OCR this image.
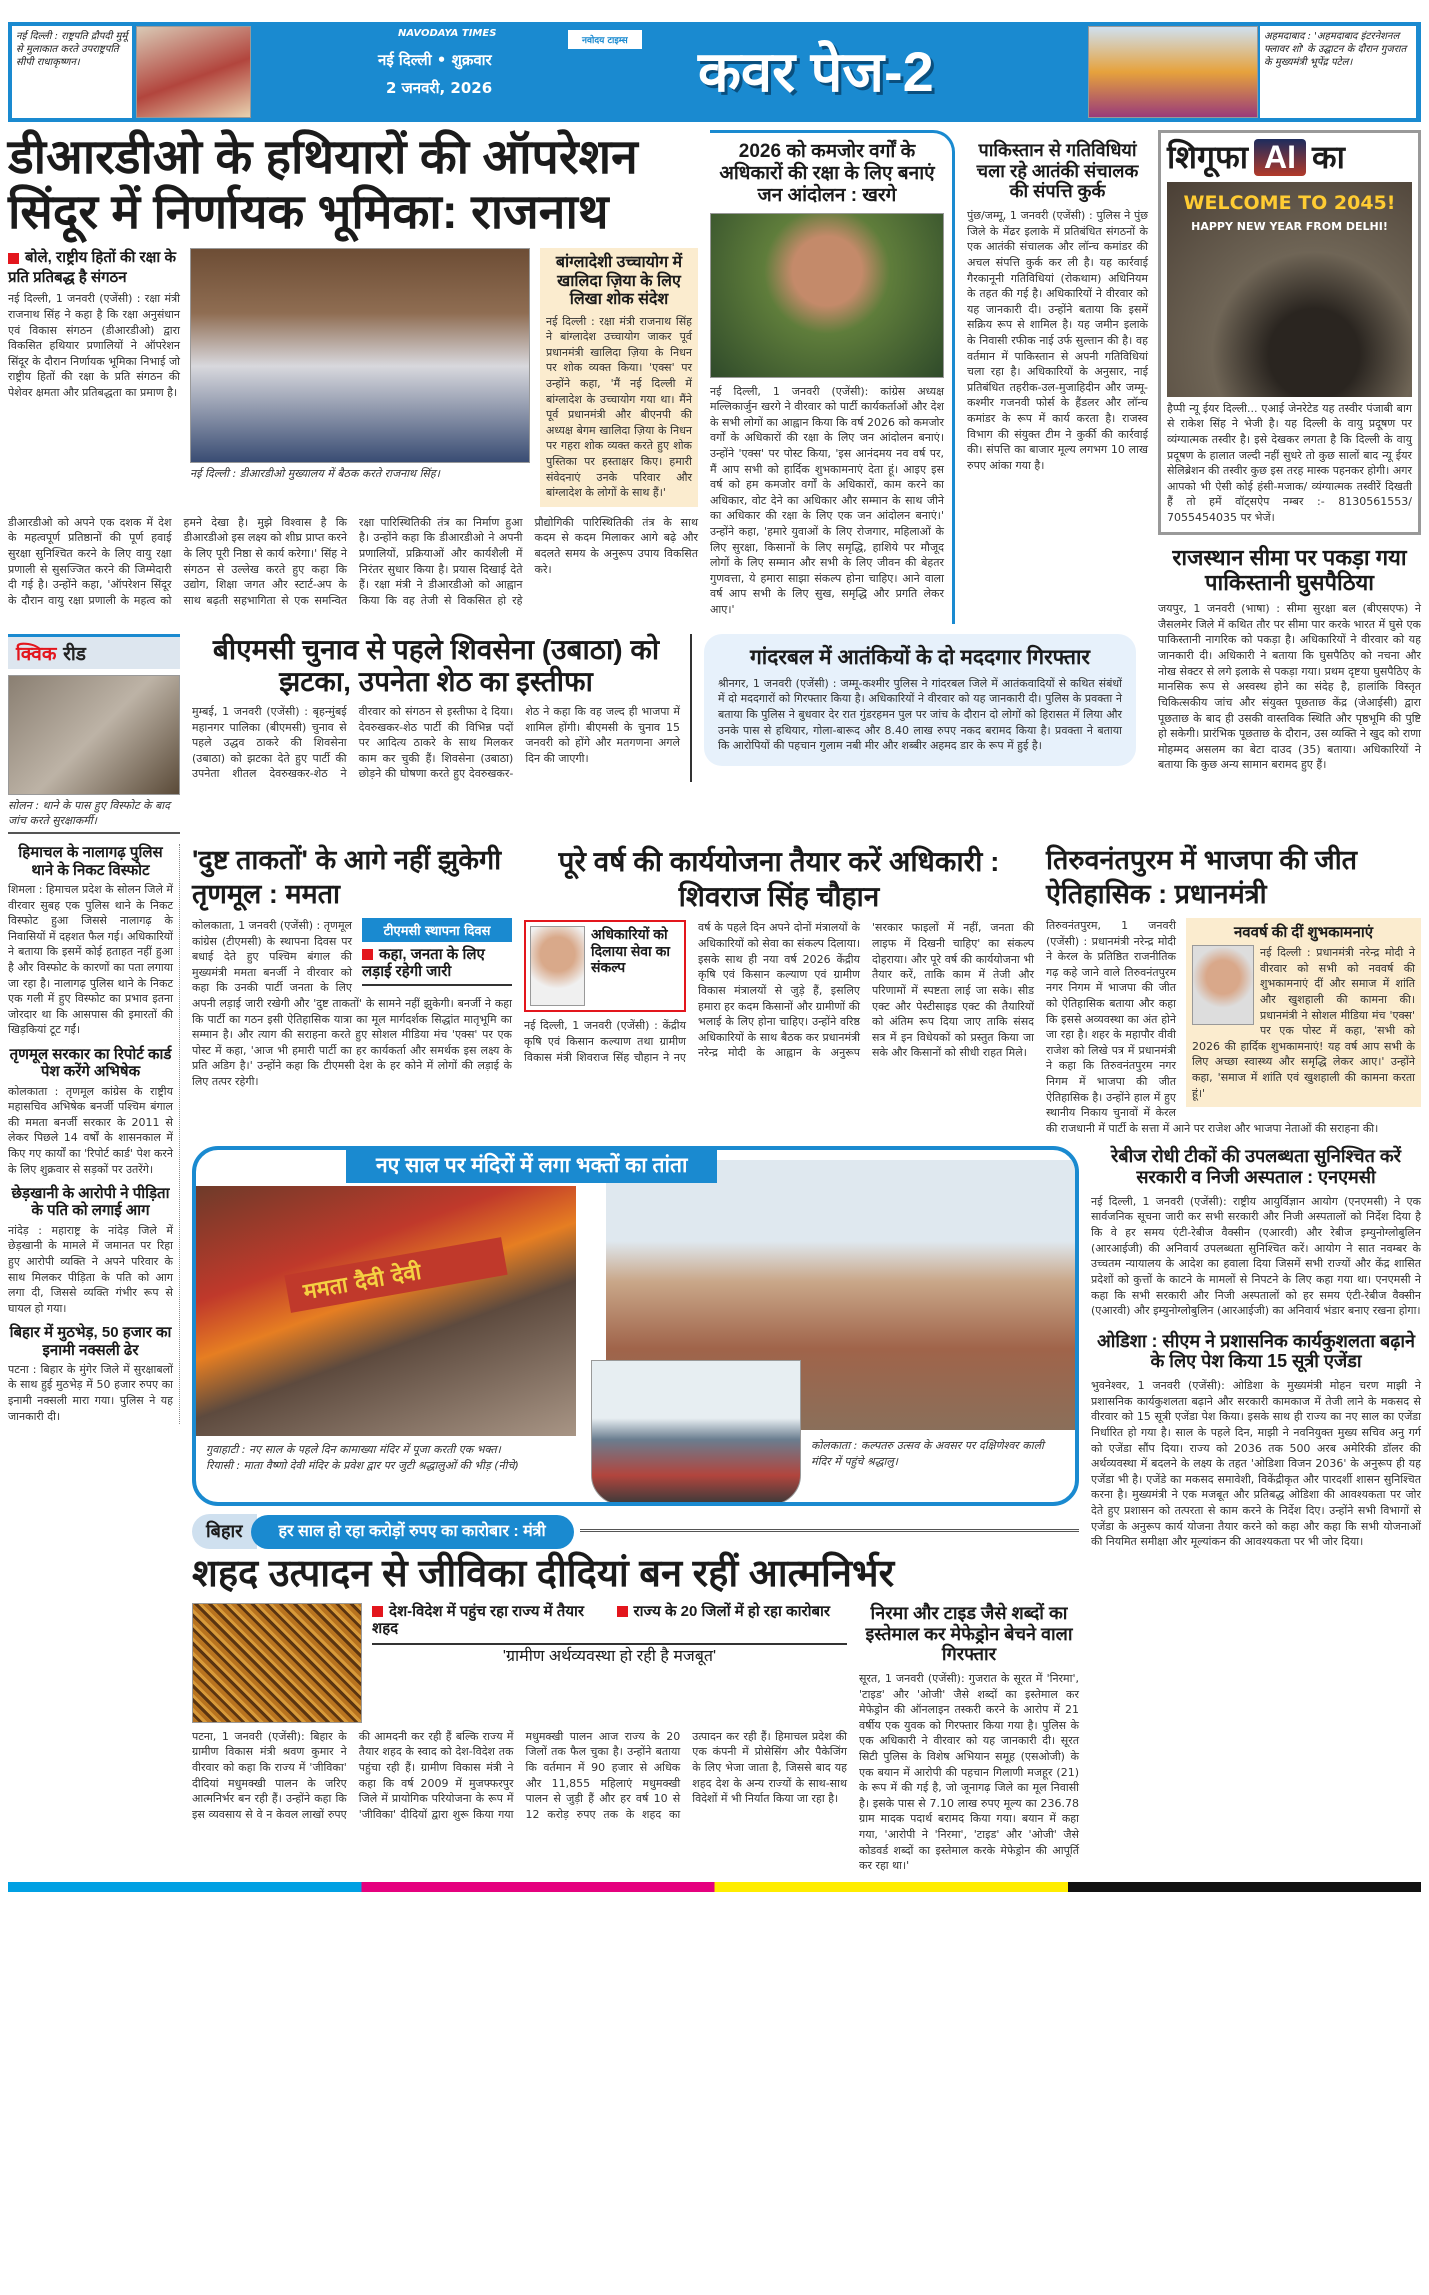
नई दिल्ली : राष्ट्रपति द्रौपदी मुर्मू से मुलाकात करते उपराष्ट्रपति सीपी राधाकृष्णन।
NAVODAYA TIMES
नई दिल्ली • शुक्रवार
2 जनवरी, 2026
नवोदय टाइम्स कवर पेज-2
अहमदाबाद : 'अहमदाबाद इंटरनेशनल फ्लावर शो' के उद्घाटन के दौरान गुजरात के मुख्यमंत्री भूपेंद्र पटेल।
डीआरडीओ के हथियारों की ऑपरेशन सिंदूर में निर्णायक भूमिका: राजनाथ
बोले, राष्ट्रीय हितों की रक्षा के प्रति प्रतिबद्ध है संगठन
नई दिल्ली, 1 जनवरी (एजेंसी) : रक्षा मंत्री राजनाथ सिंह ने कहा है कि रक्षा अनुसंधान एवं विकास संगठन (डीआरडीओ) द्वारा विकसित हथियार प्रणालियों ने ऑपरेशन सिंदूर के दौरान निर्णायक भूमिका निभाई जो राष्ट्रीय हितों की रक्षा के प्रति संगठन की पेशेवर क्षमता और प्रतिबद्धता का प्रमाण है।
नई दिल्ली : डीआरडीओ मुख्यालय में बैठक करते राजनाथ सिंह।
बांग्लादेशी उच्चायोग में खालिदा ज़िया के लिए लिखा शोक संदेश
नई दिल्ली : रक्षा मंत्री राजनाथ सिंह ने बांग्लादेश उच्चायोग जाकर पूर्व प्रधानमंत्री खालिदा ज़िया के निधन पर शोक व्यक्त किया। 'एक्स' पर उन्होंने कहा, 'मैं नई दिल्ली में बांग्लादेश के उच्चायोग गया था। मैंने पूर्व प्रधानमंत्री और बीएनपी की अध्यक्ष बेगम खालिदा ज़िया के निधन पर गहरा शोक व्यक्त करते हुए शोक पुस्तिका पर हस्ताक्षर किए। हमारी संवेदनाएं उनके परिवार और बांग्लादेश के लोगों के साथ हैं।'
डीआरडीओ को अपने एक दशक में देश के महत्वपूर्ण प्रतिष्ठानों की पूर्ण हवाई सुरक्षा सुनिश्चित करने के लिए वायु रक्षा प्रणाली से सुसज्जित करने की जिम्मेदारी दी गई है। उन्होंने कहा, 'ऑपरेशन सिंदूर के दौरान वायु रक्षा प्रणाली के महत्व को हमने देखा है। मुझे विश्वास है कि डीआरडीओ इस लक्ष्य को शीघ्र प्राप्त करने के लिए पूरी निष्ठा से कार्य करेगा।' सिंह ने संगठन से उल्लेख करते हुए कहा कि उद्योग, शिक्षा जगत और स्टार्ट-अप के साथ बढ़ती सहभागिता से एक समन्वित रक्षा पारिस्थितिकी तंत्र का निर्माण हुआ है। उन्होंने कहा कि डीआरडीओ ने अपनी प्रणालियों, प्रक्रियाओं और कार्यशैली में निरंतर सुधार किया है। प्रयास दिखाई देते हैं। रक्षा मंत्री ने डीआरडीओ को आह्वान किया कि वह तेजी से विकसित हो रहे प्रौद्योगिकी पारिस्थितिकी तंत्र के साथ कदम से कदम मिलाकर आगे बढ़े और बदलते समय के अनुरूप उपाय विकसित करे।
2026 को कमजोर वर्गों के अधिकारों की रक्षा के लिए बनाएं जन आंदोलन : खरगे
नई दिल्ली, 1 जनवरी (एजेंसी): कांग्रेस अध्यक्ष मल्लिकार्जुन खरगे ने वीरवार को पार्टी कार्यकर्ताओं और देश के सभी लोगों का आह्वान किया कि वर्ष 2026 को कमजोर वर्गों के अधिकारों की रक्षा के लिए जन आंदोलन बनाएं। उन्होंने 'एक्स' पर पोस्ट किया, 'इस आनंदमय नव वर्ष पर, मैं आप सभी को हार्दिक शुभकामनाएं देता हूं। आइए इस वर्ष को हम कमजोर वर्गों के अधिकारों, काम करने का अधिकार, वोट देने का अधिकार और सम्मान के साथ जीने का अधिकार की रक्षा के लिए एक जन आंदोलन बनाएं।' उन्होंने कहा, 'हमारे युवाओं के लिए रोजगार, महिलाओं के लिए सुरक्षा, किसानों के लिए समृद्धि, हाशिये पर मौजूद लोगों के लिए सम्मान और सभी के लिए जीवन की बेहतर गुणवत्ता, ये हमारा साझा संकल्प होना चाहिए। आने वाला वर्ष आप सभी के लिए सुख, समृद्धि और प्रगति लेकर आए।'
पाकिस्तान से गतिविधियां चला रहे आतंकी संचालक की संपत्ति कुर्क
पुंछ/जम्मू, 1 जनवरी (एजेंसी) : पुलिस ने पुंछ जिले के मेंढर इलाके में प्रतिबंधित संगठनों के एक आतंकी संचालक और लॉन्च कमांडर की अचल संपत्ति कुर्क कर ली है। यह कार्रवाई गैरकानूनी गतिविधियां (रोकथाम) अधिनियम के तहत की गई है। अधिकारियों ने वीरवार को यह जानकारी दी। उन्होंने बताया कि इसमें सक्रिय रूप से शामिल है। यह जमीन इलाके के निवासी रफीक नाई उर्फ सुल्तान की है। वह वर्तमान में पाकिस्तान से अपनी गतिविधियां चला रहा है। अधिकारियों के अनुसार, नाई प्रतिबंधित तहरीक-उल-मुजाहिदीन और जम्मू-कश्मीर गजनवी फोर्स के हैंडलर और लॉन्च कमांडर के रूप में कार्य करता है। राजस्व विभाग की संयुक्त टीम ने कुर्की की कार्रवाई की। संपत्ति का बाजार मूल्य लगभग 10 लाख रुपए आंका गया है।
क्विक रीड
सोलन : थाने के पास हुए विस्फोट के बाद जांच करते सुरक्षाकर्मी।
बीएमसी चुनाव से पहले शिवसेना (उबाठा) को झटका, उपनेता शेठ का इस्तीफा
मुम्बई, 1 जनवरी (एजेंसी) : बृहन्मुंबई महानगर पालिका (बीएमसी) चुनाव से पहले उद्धव ठाकरे की शिवसेना (उबाठा) को झटका देते हुए पार्टी की उपनेता शीतल देवरुखकर-शेठ ने वीरवार को संगठन से इस्तीफा दे दिया। देवरुखकर-शेठ पार्टी की विभिन्न पदों पर आदित्य ठाकरे के साथ मिलकर काम कर चुकी हैं। शिवसेना (उबाठा) छोड़ने की घोषणा करते हुए देवरुखकर-शेठ ने कहा कि वह जल्द ही भाजपा में शामिल होंगी। बीएमसी के चुनाव 15 जनवरी को होंगे और मतगणना अगले दिन की जाएगी।
गांदरबल में आतंकियों के दो मददगार गिरफ्तार
श्रीनगर, 1 जनवरी (एजेंसी) : जम्मू-कश्मीर पुलिस ने गांदरबल जिले में आतंकवादियों से कथित संबंधों में दो मददगारों को गिरफ्तार किया है। अधिकारियों ने वीरवार को यह जानकारी दी। पुलिस के प्रवक्ता ने बताया कि पुलिस ने बुधवार देर रात गुंडरहमन पुल पर जांच के दौरान दो लोगों को हिरासत में लिया और उनके पास से हथियार, गोला-बारूद और 8.40 लाख रुपए नकद बरामद किया है। प्रवक्ता ने बताया कि आरोपियों की पहचान गुलाम नबी मीर और शब्बीर अहमद डार के रूप में हुई है।
शिगूफा AI का
WELCOME TO 2045!
HAPPY NEW YEAR FROM DELHI!
हैप्पी न्यू ईयर दिल्ली... एआई जेनरेटेड यह तस्वीर पंजाबी बाग से राकेश सिंह ने भेजी है। यह दिल्ली के वायु प्रदूषण पर व्यंग्यात्मक तस्वीर है। इसे देखकर लगता है कि दिल्ली के वायु प्रदूषण के हालात जल्दी नहीं सुधरे तो कुछ सालों बाद न्यू ईयर सेलिब्रेशन की तस्वीर कुछ इस तरह मास्क पहनकर होगी। अगर आपको भी ऐसी कोई हंसी-मजाक/ व्यंग्यात्मक तस्वीरें दिखती हैं तो हमें वॉट्सऐप नम्बर :- 8130561553/ 7055454035 पर भेजें।
राजस्थान सीमा पर पकड़ा गया पाकिस्तानी घुसपैठिया
जयपुर, 1 जनवरी (भाषा) : सीमा सुरक्षा बल (बीएसएफ) ने जैसलमेर जिले में कथित तौर पर सीमा पार करके भारत में घुसे एक पाकिस्तानी नागरिक को पकड़ा है। अधिकारियों ने वीरवार को यह जानकारी दी। अधिकारी ने बताया कि घुसपैठिए को नचना और नोख सेक्टर से लगे इलाके से पकड़ा गया। प्रथम दृष्टया घुसपैठिए के मानसिक रूप से अस्वस्थ होने का संदेह है, हालांकि विस्तृत चिकित्सकीय जांच और संयुक्त पूछताछ केंद्र (जेआईसी) द्वारा पूछताछ के बाद ही उसकी वास्तविक स्थिति और पृष्ठभूमि की पुष्टि हो सकेगी। प्रारंभिक पूछताछ के दौरान, उस व्यक्ति ने खुद को राणा मोहम्मद असलम का बेटा दाउद (35) बताया। अधिकारियों ने बताया कि कुछ अन्य सामान बरामद हुए हैं।
हिमाचल के नालागढ़ पुलिस थाने के निकट विस्फोट
शिमला : हिमाचल प्रदेश के सोलन जिले में वीरवार सुबह एक पुलिस थाने के निकट विस्फोट हुआ जिससे नालागढ़ के निवासियों में दहशत फैल गई। अधिकारियों ने बताया कि इसमें कोई हताहत नहीं हुआ है और विस्फोट के कारणों का पता लगाया जा रहा है। नालागढ़ पुलिस थाने के निकट एक गली में हुए विस्फोट का प्रभाव इतना जोरदार था कि आसपास की इमारतों की खिड़कियां टूट गईं।
तृणमूल सरकार का रिपोर्ट कार्ड पेश करेंगे अभिषेक
कोलकाता : तृणमूल कांग्रेस के राष्ट्रीय महासचिव अभिषेक बनर्जी पश्चिम बंगाल की ममता बनर्जी सरकार के 2011 से लेकर पिछले 14 वर्षों के शासनकाल में किए गए कार्यों का 'रिपोर्ट कार्ड' पेश करने के लिए शुक्रवार से सड़कों पर उतरेंगे।
छेड़खानी के आरोपी ने पीड़िता के पति को लगाई आग
नांदेड़ : महाराष्ट्र के नांदेड़ जिले में छेड़खानी के मामले में जमानत पर रिहा हुए आरोपी व्यक्ति ने अपने परिवार के साथ मिलकर पीड़िता के पति को आग लगा दी, जिससे व्यक्ति गंभीर रूप से घायल हो गया।
बिहार में मुठभेड़, 50 हजार का इनामी नक्सली ढेर
पटना : बिहार के मुंगेर जिले में सुरक्षाबलों के साथ हुई मुठभेड़ में 50 हजार रुपए का इनामी नक्सली मारा गया। पुलिस ने यह जानकारी दी।
'दुष्ट ताकतों' के आगे नहीं झुकेगी तृणमूल : ममता
टीएमसी स्थापना दिवस
कहा, जनता के लिए लड़ाई रहेगी जारी
कोलकाता, 1 जनवरी (एजेंसी) : तृणमूल कांग्रेस (टीएमसी) के स्थापना दिवस पर बधाई देते हुए पश्चिम बंगाल की मुख्यमंत्री ममता बनर्जी ने वीरवार को कहा कि उनकी पार्टी जनता के लिए अपनी लड़ाई जारी रखेगी और 'दुष्ट ताकतों' के सामने नहीं झुकेगी। बनर्जी ने कहा कि पार्टी का गठन इसी ऐतिहासिक यात्रा का मूल मार्गदर्शक सिद्धांत मातृभूमि का सम्मान है। और त्याग की सराहना करते हुए सोशल मीडिया मंच 'एक्स' पर एक पोस्ट में कहा, 'आज भी हमारी पार्टी का हर कार्यकर्ता और समर्थक इस लक्ष्य के प्रति अडिग है।' उन्होंने कहा कि टीएमसी देश के हर कोने में लोगों की लड़ाई के लिए तत्पर रहेगी।
पूरे वर्ष की कार्ययोजना तैयार करें अधिकारी : शिवराज सिंह चौहान
अधिकारियों को दिलाया सेवा का संकल्प
नई दिल्ली, 1 जनवरी (एजेंसी) : केंद्रीय कृषि एवं किसान कल्याण तथा ग्रामीण विकास मंत्री शिवराज सिंह चौहान ने नए वर्ष के पहले दिन अपने दोनों मंत्रालयों के अधिकारियों को सेवा का संकल्प दिलाया। इसके साथ ही नया वर्ष 2026 केंद्रीय कृषि एवं किसान कल्याण एवं ग्रामीण विकास मंत्रालयों से जुड़े हैं, इसलिए हमारा हर कदम किसानों और ग्रामीणों की भलाई के लिए होना चाहिए। उन्होंने वरिष्ठ अधिकारियों के साथ बैठक कर प्रधानमंत्री नरेन्द्र मोदी के आह्वान के अनुरूप 'सरकार फाइलों में नहीं, जनता की लाइफ में दिखनी चाहिए' का संकल्प दोहराया। और पूरे वर्ष की कार्ययोजना भी तैयार करें, ताकि काम में तेजी और परिणामों में स्पष्टता लाई जा सके। सीड एक्ट और पेस्टीसाइड एक्ट की तैयारियों को अंतिम रूप दिया जाए ताकि संसद सत्र में इन विधेयकों को प्रस्तुत किया जा सके और किसानों को सीधी राहत मिले।
तिरुवनंतपुरम में भाजपा की जीत ऐतिहासिक : प्रधानमंत्री
नववर्ष की दीं शुभकामनाएं
नई दिल्ली : प्रधानमंत्री नरेन्द्र मोदी ने वीरवार को सभी को नववर्ष की शुभकामनाएं दीं और समाज में शांति और खुशहाली की कामना की। प्रधानमंत्री ने सोशल मीडिया मंच 'एक्स' पर एक पोस्ट में कहा, 'सभी को 2026 की हार्दिक शुभकामनाएं! यह वर्ष आप सभी के लिए अच्छा स्वास्थ्य और समृद्धि लेकर आए।' उन्होंने कहा, 'समाज में शांति एवं खुशहाली की कामना करता हूं।'
तिरुवनंतपुरम, 1 जनवरी (एजेंसी) : प्रधानमंत्री नरेन्द्र मोदी ने केरल के प्रतिष्ठित राजनीतिक गढ़ कहे जाने वाले तिरुवनंतपुरम नगर निगम में भाजपा की जीत को ऐतिहासिक बताया और कहा कि इससे अव्यवस्था का अंत होने जा रहा है। शहर के महापौर वीवी राजेश को लिखे पत्र में प्रधानमंत्री ने कहा कि तिरुवनंतपुरम नगर निगम में भाजपा की जीत ऐतिहासिक है। उन्होंने हाल में हुए स्थानीय निकाय चुनावों में केरल की राजधानी में पार्टी के सत्ता में आने पर राजेश और भाजपा नेताओं की सराहना की।
ममता दैवी देवी
नए साल पर मंदिरों में लगा भक्तों का तांता
गुवाहाटी : नए साल के पहले दिन कामाख्या मंदिर में पूजा करती एक भक्त।
रियासी : माता वैष्णो देवी मंदिर के प्रवेश द्वार पर जुटी श्रद्धालुओं की भीड़ (नीचे)
कोलकाता : कल्पतरु उत्सव के अवसर पर दक्षिणेश्वर काली मंदिर में पहुंचे श्रद्धालु।
बिहार	हर साल हो रहा करोड़ों रुपए का कारोबार : मंत्री
शहद उत्पादन से जीविका दीदियां बन रहीं आत्मनिर्भर
देश-विदेश में पहुंच रहा राज्य में तैयार शहद
राज्य के 20 जिलों में हो रहा कारोबार
'ग्रामीण अर्थव्यवस्था हो रही है मजबूत'
पटना, 1 जनवरी (एजेंसी): बिहार के ग्रामीण विकास मंत्री श्रवण कुमार ने वीरवार को कहा कि राज्य में 'जीविका' दीदियां मधुमक्खी पालन के जरिए आत्मनिर्भर बन रही हैं। उन्होंने कहा कि इस व्यवसाय से वे न केवल लाखों रुपए की आमदनी कर रही हैं बल्कि राज्य में तैयार शहद के स्वाद को देश-विदेश तक पहुंचा रही हैं। ग्रामीण विकास मंत्री ने कहा कि वर्ष 2009 में मुजफ्फरपुर जिले में प्रायोगिक परियोजना के रूप में 'जीविका' दीदियों द्वारा शुरू किया गया मधुमक्खी पालन आज राज्य के 20 जिलों तक फैल चुका है। उन्होंने बताया कि वर्तमान में 90 हजार से अधिक और 11,855 महिलाएं मधुमक्खी पालन से जुड़ी हैं और हर वर्ष 10 से 12 करोड़ रुपए तक के शहद का उत्पादन कर रही हैं। हिमाचल प्रदेश की एक कंपनी में प्रोसेसिंग और पैकेजिंग के लिए भेजा जाता है, जिससे बाद यह शहद देश के अन्य राज्यों के साथ-साथ विदेशों में भी निर्यात किया जा रहा है।
निरमा और टाइड जैसे शब्दों का इस्तेमाल कर मेफेड्रोन बेचने वाला गिरफ्तार
सूरत, 1 जनवरी (एजेंसी): गुजरात के सूरत में 'निरमा', 'टाइड' और 'ओजी' जैसे शब्दों का इस्तेमाल कर मेफेड्रोन की ऑनलाइन तस्करी करने के आरोप में 21 वर्षीय एक युवक को गिरफ्तार किया गया है। पुलिस के एक अधिकारी ने वीरवार को यह जानकारी दी। सूरत सिटी पुलिस के विशेष अभियान समूह (एसओजी) के एक बयान में आरोपी की पहचान गिलाणी मजहूर (21) के रूप में की गई है, जो जूनागढ़ जिले का मूल निवासी है। इसके पास से 7.10 लाख रुपए मूल्य का 236.78 ग्राम मादक पदार्थ बरामद किया गया। बयान में कहा गया, 'आरोपी ने 'निरमा', 'टाइड' और 'ओजी' जैसे कोडवर्ड शब्दों का इस्तेमाल करके मेफेड्रोन की आपूर्ति कर रहा था।'
रेबीज रोधी टीकों की उपलब्धता सुनिश्चित करें सरकारी व निजी अस्पताल : एनएमसी
नई दिल्ली, 1 जनवरी (एजेंसी): राष्ट्रीय आयुर्विज्ञान आयोग (एनएमसी) ने एक सार्वजनिक सूचना जारी कर सभी सरकारी और निजी अस्पतालों को निर्देश दिया है कि वे हर समय एंटी-रेबीज वैक्सीन (एआरवी) और रेबीज इम्युनोग्लोबुलिन (आरआईजी) की अनिवार्य उपलब्धता सुनिश्चित करें। आयोग ने सात नवम्बर के उच्चतम न्यायालय के आदेश का हवाला दिया जिसमें सभी राज्यों और केंद्र शासित प्रदेशों को कुत्तों के काटने के मामलों से निपटने के लिए कहा गया था। एनएमसी ने कहा कि सभी सरकारी और निजी अस्पतालों को हर समय एंटी-रेबीज वैक्सीन (एआरवी) और इम्युनोग्लोबुलिन (आरआईजी) का अनिवार्य भंडार बनाए रखना होगा।
ओडिशा : सीएम ने प्रशासनिक कार्यकुशलता बढ़ाने के लिए पेश किया 15 सूत्री एजेंडा
भुवनेश्वर, 1 जनवरी (एजेंसी): ओडिशा के मुख्यमंत्री मोहन चरण माझी ने प्रशासनिक कार्यकुशलता बढ़ाने और सरकारी कामकाज में तेजी लाने के मकसद से वीरवार को 15 सूत्री एजेंडा पेश किया। इसके साथ ही राज्य का नए साल का एजेंडा निर्धारित हो गया है। साल के पहले दिन, माझी ने नवनियुक्त मुख्य सचिव अनु गर्ग को एजेंडा सौंप दिया। राज्य को 2036 तक 500 अरब अमेरिकी डॉलर की अर्थव्यवस्था में बदलने के लक्ष्य के तहत 'ओडिशा विजन 2036' के अनुरूप ही यह एजेंडा भी है। एजेंडे का मकसद समावेशी, विकेंद्रीकृत और पारदर्शी शासन सुनिश्चित करना है। मुख्यमंत्री ने एक मजबूत और प्रतिबद्ध ओडिशा की आवश्यकता पर जोर देते हुए प्रशासन को तत्परता से काम करने के निर्देश दिए। उन्होंने सभी विभागों से एजेंडा के अनुरूप कार्य योजना तैयार करने को कहा और कहा कि सभी योजनाओं की नियमित समीक्षा और मूल्यांकन की आवश्यकता पर भी जोर दिया।
